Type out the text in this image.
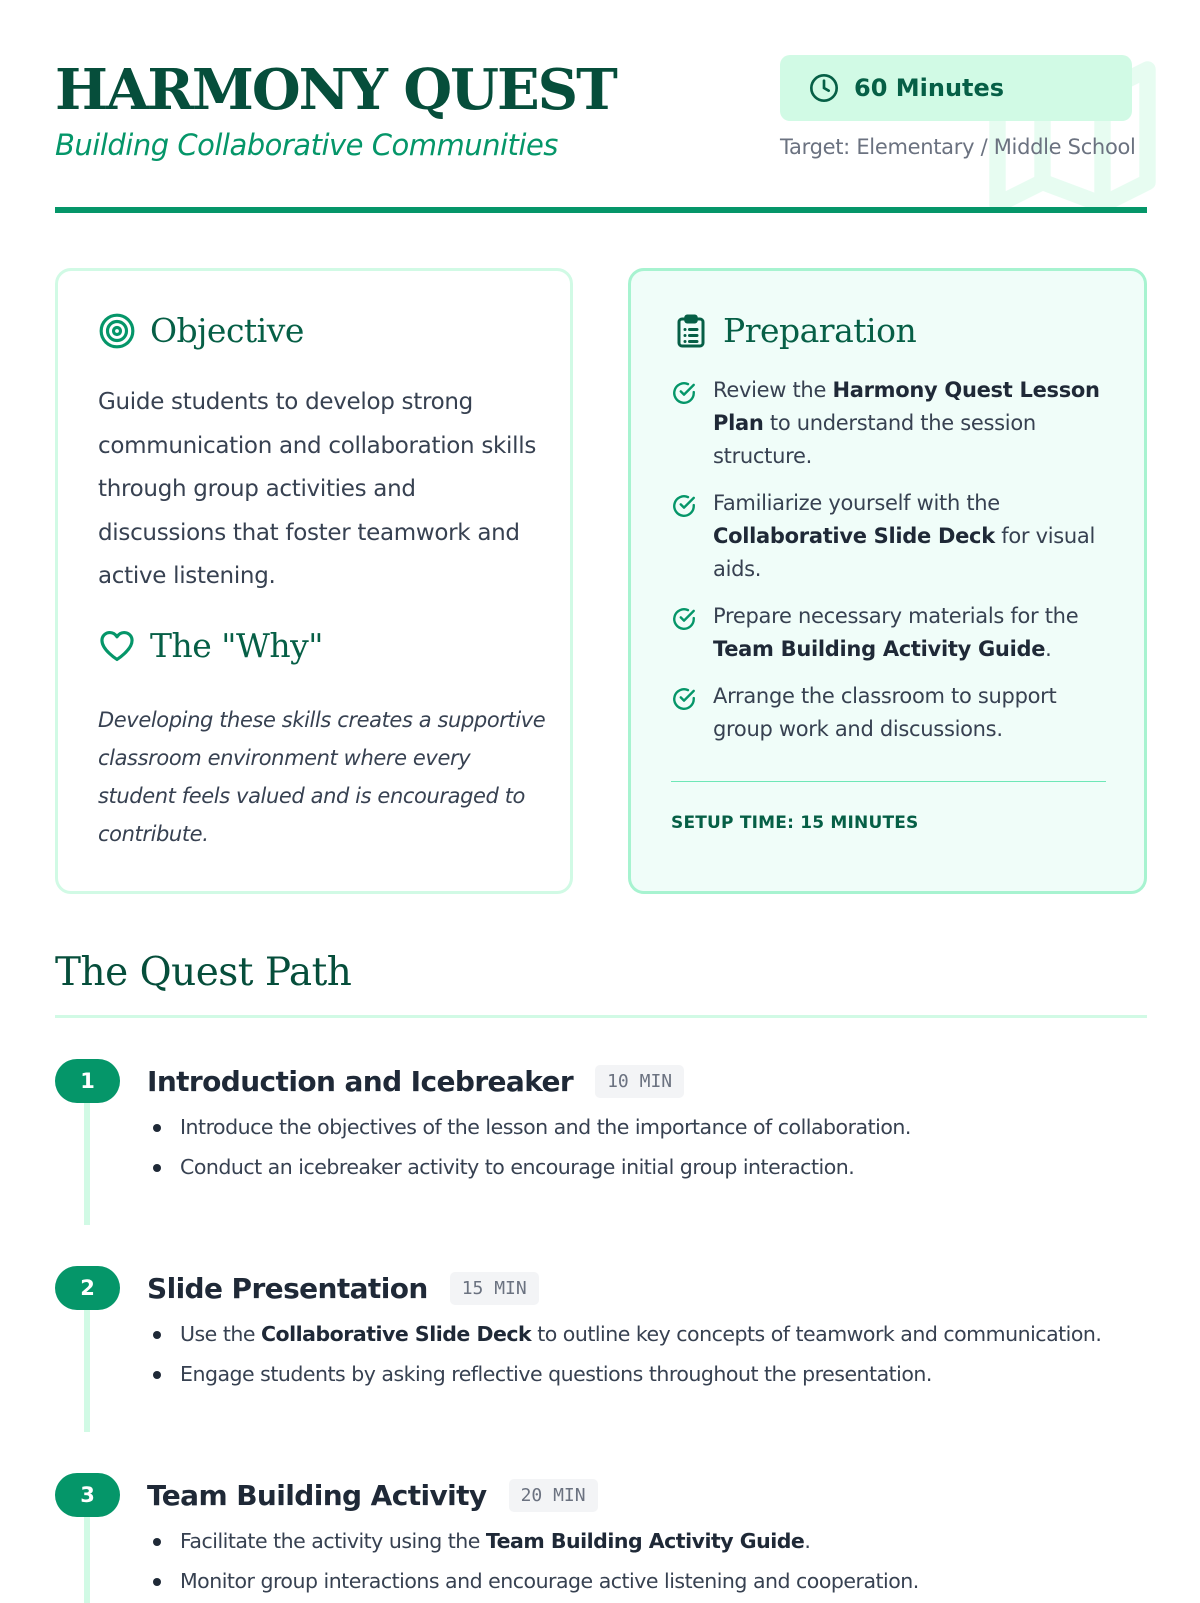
HARMONY QUEST
Building Collaborative Communities
60 Minutes
Target: Elementary / Middle School
Objective

Guide students to develop strong communication and collaboration skills through group activities and discussions that foster teamwork and active listening.

The "Why"

Developing these skills creates a supportive classroom environment where every student feels valued and is encouraged to contribute.

Preparation
Review the Harmony Quest Lesson Plan to understand the session structure.
Familiarize yourself with the Collaborative Slide Deck for visual aids.
Prepare necessary materials for the Team Building Activity Guide.
Arrange the classroom to support group work and discussions.
SETUP TIME: 15 MINUTES
The Quest Path
1	Introduction and Icebreaker	10 MIN
Introduce the objectives of the lesson and the importance of collaboration.
Conduct an icebreaker activity to encourage initial group interaction.
2	Slide Presentation	15 MIN
Use the Collaborative Slide Deck to outline key concepts of teamwork and communication.
Engage students by asking reflective questions throughout the presentation.
3	Team Building Activity	20 MIN
Facilitate the activity using the Team Building Activity Guide.
Monitor group interactions and encourage active listening and cooperation.
